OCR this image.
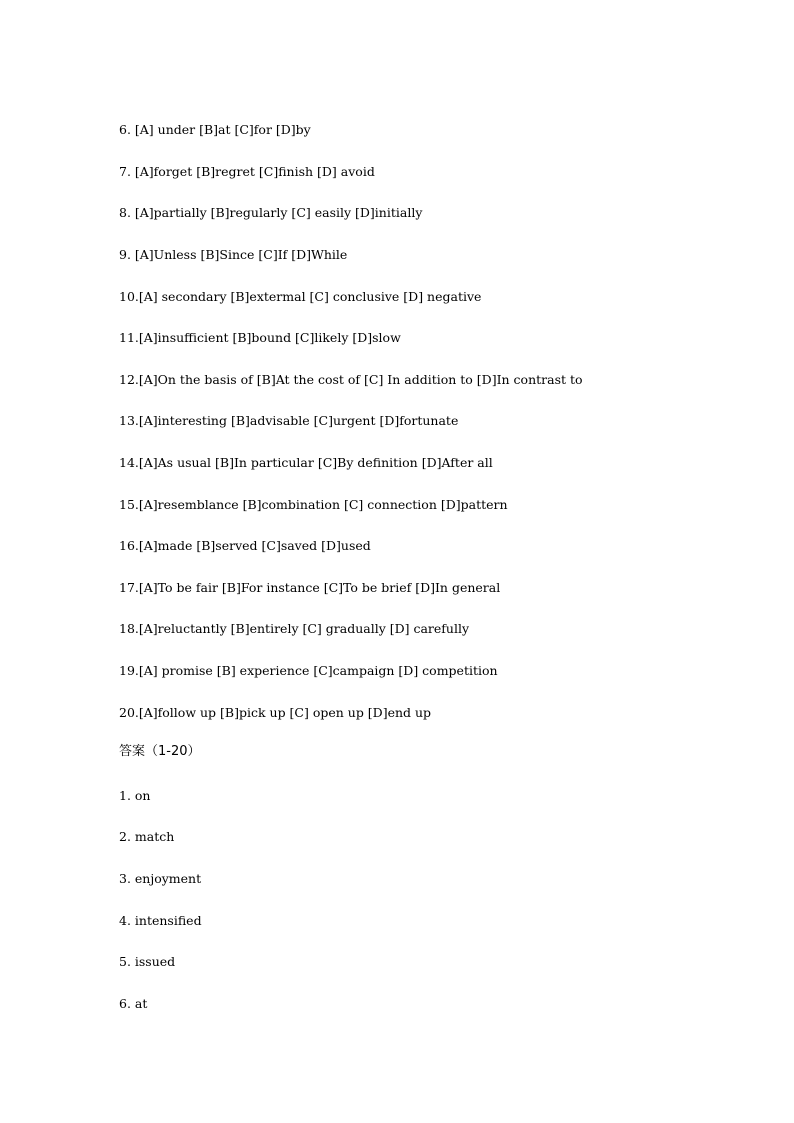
6. [A] under [B]at [C]for [D]by
7. [A]forget [B]regret [C]finish [D] avoid
8. [A]partially [B]regularly [C] easily [D]initially
9. [A]Unless [B]Since [C]If [D]While
10.[A] secondary [B]extermal [C] conclusive [D] negative
11.[A]insufficient [B]bound [C]likely [D]slow
12.[A]On the basis of [B]At the cost of [C] In addition to [D]In contrast to
13.[A]interesting [B]advisable [C]urgent [D]fortunate
14.[A]As usual [B]In particular [C]By definition [D]After all
15.[A]resemblance [B]combination [C] connection [D]pattern
16.[A]made [B]served [C]saved [D]used
17.[A]To be fair [B]For instance [C]To be brief [D]In general
18.[A]reluctantly [B]entirely [C] gradually [D] carefully
19.[A] promise [B] experience [C]campaign [D] competition
20.[A]follow up [B]pick up [C] open up [D]end up
答案（1-20）
1. on
2. match
3. enjoyment
4. intensified
5. issued
6. at
